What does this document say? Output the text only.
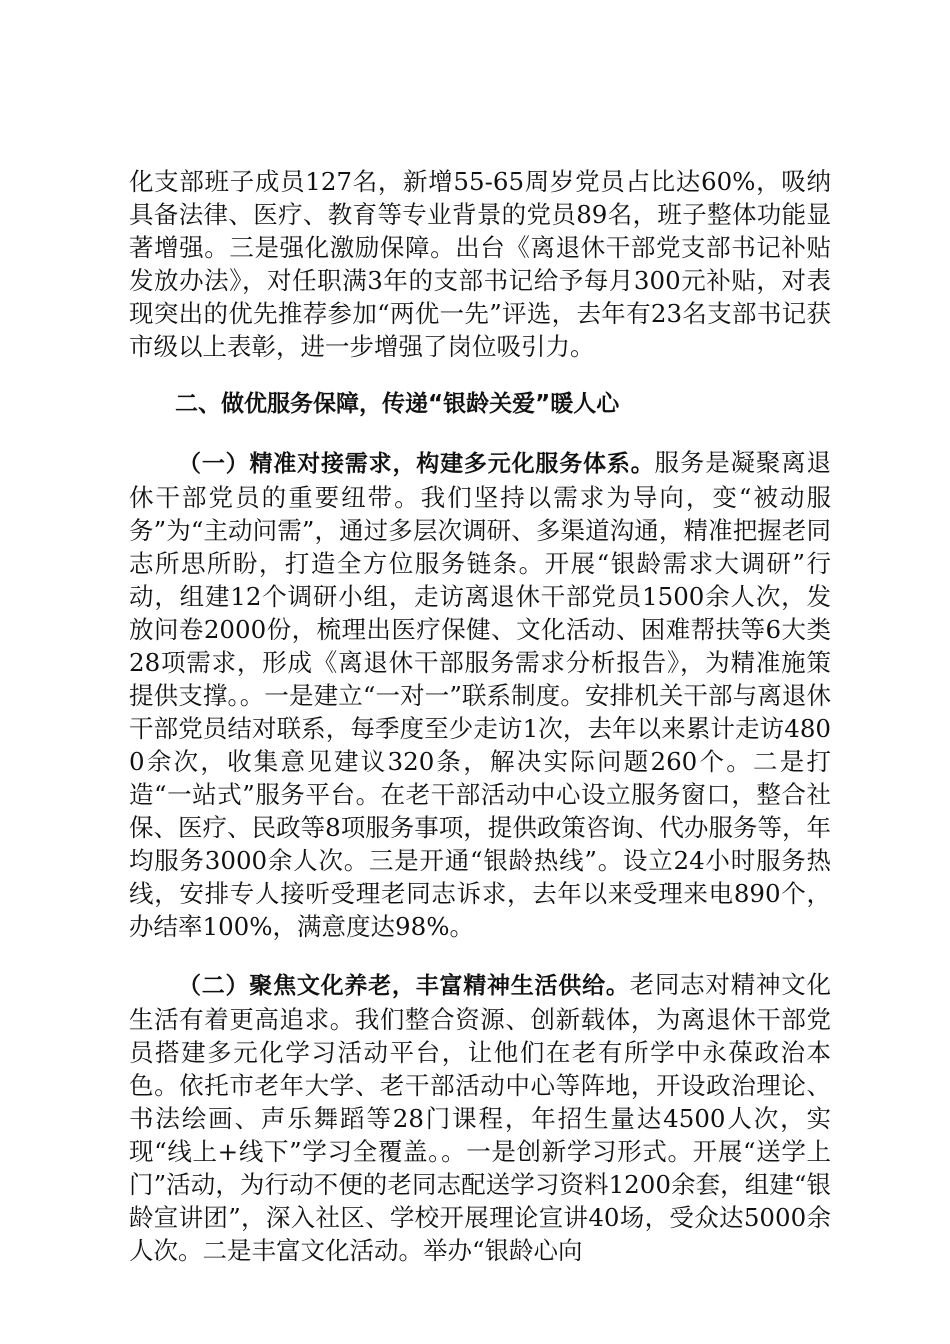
化支部班子成员127名，新增55-65周岁党员占比达60%，吸纳具备法律、医疗、教育等专业背景的党员89名，班子整体功能显著增强。三是强化激励保障。出台《离退休干部党支部书记补贴发放办法》，对任职满3年的支部书记给予每月300元补贴，对表现突出的优先推荐参加“两优一先”评选，去年有23名支部书记获市级以上表彰，进一步增强了岗位吸引力。

二、做优服务保障，传递“银龄关爱”暖人心

（一）精准对接需求，构建多元化服务体系。服务是凝聚离退休干部党员的重要纽带。我们坚持以需求为导向，变“被动服务”为“主动问需”，通过多层次调研、多渠道沟通，精准把握老同志所思所盼，打造全方位服务链条。开展“银龄需求大调研”行动，组建12个调研小组，走访离退休干部党员1500余人次，发放问卷2000份，梳理出医疗保健、文化活动、困难帮扶等6大类28项需求，形成《离退休干部服务需求分析报告》，为精准施策提供支撑。。一是建立“一对一”联系制度。安排机关干部与离退休干部党员结对联系，每季度至少走访1次，去年以来累计走访4800余次，收集意见建议320条，解决实际问题260个。二是打造“一站式”服务平台。在老干部活动中心设立服务窗口，整合社保、医疗、民政等8项服务事项，提供政策咨询、代办服务等，年均服务3000余人次。三是开通“银龄热线”。设立24小时服务热线，安排专人接听受理老同志诉求，去年以来受理来电890个，办结率100%，满意度达98%。

（二）聚焦文化养老，丰富精神生活供给。老同志对精神文化生活有着更高追求。我们整合资源、创新载体，为离退休干部党员搭建多元化学习活动平台，让他们在老有所学中永葆政治本色。依托市老年大学、老干部活动中心等阵地，开设政治理论、书法绘画、声乐舞蹈等28门课程，年招生量达4500人次，实现“线上+线下”学习全覆盖。。一是创新学习形式。开展“送学上门”活动，为行动不便的老同志配送学习资料1200余套，组建“银龄宣讲团”，深入社区、学校开展理论宣讲40场，受众达5000余人次。二是丰富文化活动。举办“银龄心向
